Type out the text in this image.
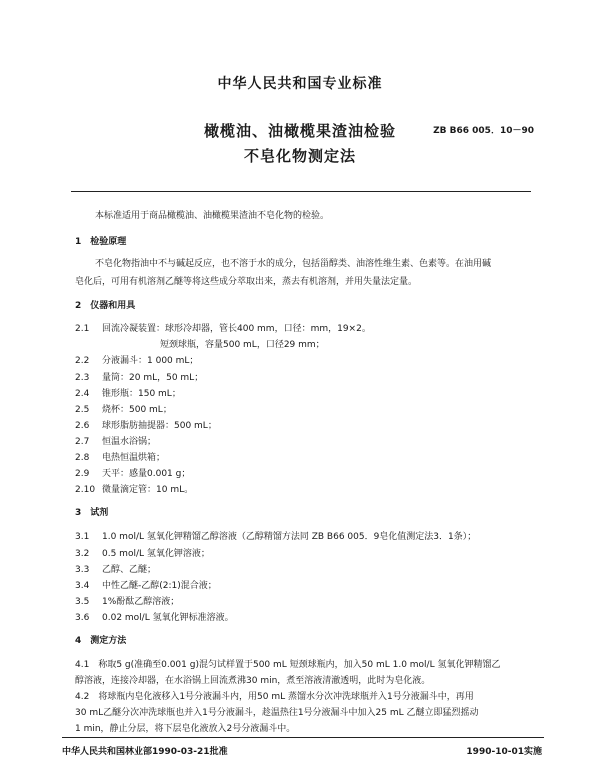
中华人民共和国专业标准
橄榄油、油橄榄果渣油检验
不皂化物测定法
ZB B66 005．10－90
本标准适用于商品橄榄油、油橄榄果渣油不皂化物的检验。
1　检验原理
不皂化物指油中不与碱起反应，也不溶于水的成分，包括甾醇类、油溶性维生素、色素等。在油用碱
皂化后，可用有机溶剂乙醚等将这些成分萃取出来，蒸去有机溶剂，并用失量法定量。
2　仪器和用具
2.1 回流冷凝装置：球形冷却器，管长400 mm，口径：mm，19×2。
短颈球瓶，容量500 mL，口径29 mm；
2.2 分液漏斗：1 000 mL；
2.3 量筒：20 mL，50 mL；
2.4 锥形瓶：150 mL；
2.5 烧杯：500 mL；
2.6 球形脂肪抽提器：500 mL；
2.7 恒温水浴锅；
2.8 电热恒温烘箱；
2.9 天平：感量0.001 g；
2.10 微量滴定管：10 mL。
3　试剂
3.1 1.0 mol/L 氢氧化钾精馏乙醇溶液（乙醇精馏方法同 ZB B66 005．9皂化值测定法3．1条）；
3.2 0.5 mol/L 氢氧化钾溶液；
3.3 乙醇、乙醚；
3.4 中性乙醚-乙醇(2:1)混合液；
3.5 1%酚酞乙醇溶液；
3.6 0.02 mol/L 氢氧化钾标准溶液。
4　测定方法
4.1　称取5 g(准确至0.001 g)混匀试样置于500 mL 短颈球瓶内，加入50 mL 1.0 mol/L 氢氧化钾精馏乙
醇溶液，连接冷却器，在水浴锅上回流煮沸30 min，煮至溶液清澈透明，此时为皂化液。
4.2　将球瓶内皂化液移入1号分液漏斗内，用50 mL 蒸馏水分次冲洗球瓶并入1号分液漏斗中，再用
30 mL乙醚分次冲洗球瓶也并入1号分液漏斗，趁温热往1号分液漏斗中加入25 mL 乙醚立即猛烈摇动
1 min，静止分层，将下层皂化液放入2号分液漏斗中。
中华人民共和国林业部1990-03-21批准	1990-10-01实施
